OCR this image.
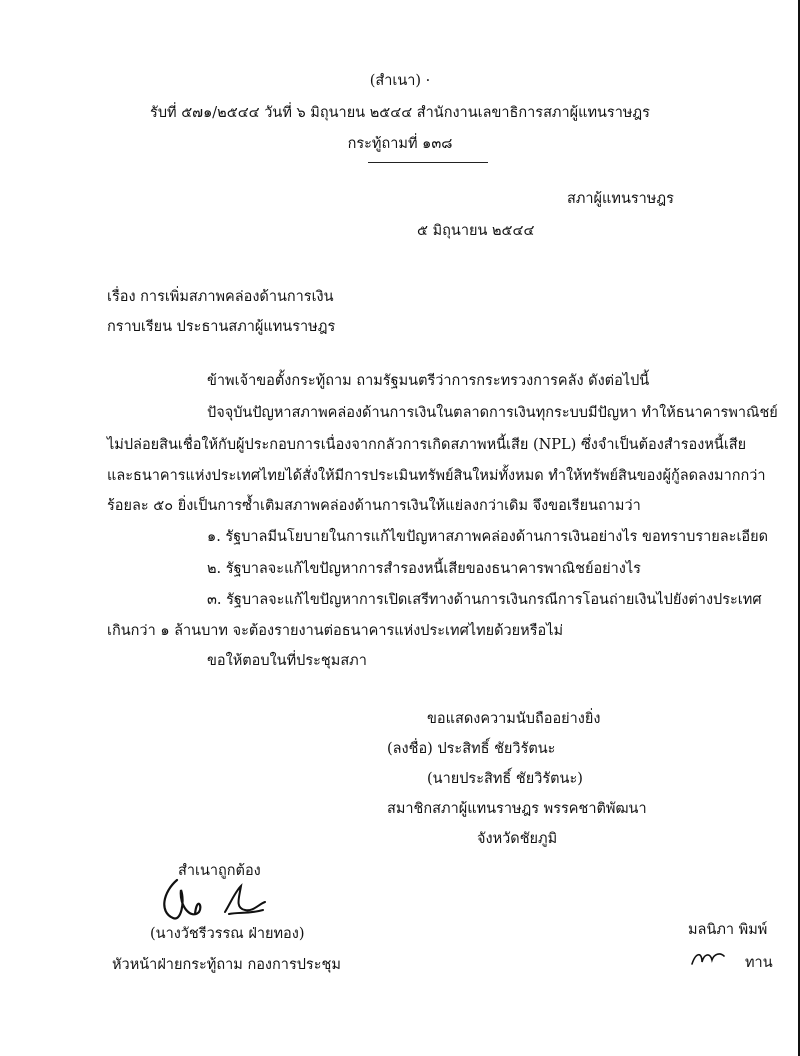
(สำเนา) ·
รับที่ ๕๗๑/๒๕๔๔ วันที่ ๖ มิถุนายน ๒๕๔๔ สำนักงานเลขาธิการสภาผู้แทนราษฎร
กระทู้ถามที่ ๑๓๘
สภาผู้แทนราษฎร
๕ มิถุนายน ๒๕๔๔
เรื่อง การเพิ่มสภาพคล่องด้านการเงิน
กราบเรียน ประธานสภาผู้แทนราษฎร
ข้าพเจ้าขอตั้งกระทู้ถาม ถามรัฐมนตรีว่าการกระทรวงการคลัง ดังต่อไปนี้
ปัจจุบันปัญหาสภาพคล่องด้านการเงินในตลาดการเงินทุกระบบมีปัญหา ทำให้ธนาคารพาณิชย์
ไม่ปล่อยสินเชื่อให้กับผู้ประกอบการเนื่องจากกลัวการเกิดสภาพหนี้เสีย (NPL) ซึ่งจำเป็นต้องสำรองหนี้เสีย
และธนาคารแห่งประเทศไทยได้สั่งให้มีการประเมินทรัพย์สินใหม่ทั้งหมด ทำให้ทรัพย์สินของผู้กู้ลดลงมากกว่า
ร้อยละ ๕๐ ยิ่งเป็นการซ้ำเติมสภาพคล่องด้านการเงินให้แย่ลงกว่าเดิม จึงขอเรียนถามว่า
๑. รัฐบาลมีนโยบายในการแก้ไขปัญหาสภาพคล่องด้านการเงินอย่างไร ขอทราบรายละเอียด
๒. รัฐบาลจะแก้ไขปัญหาการสำรองหนี้เสียของธนาคารพาณิชย์อย่างไร
๓. รัฐบาลจะแก้ไขปัญหาการเปิดเสรีทางด้านการเงินกรณีการโอนถ่ายเงินไปยังต่างประเทศ
เกินกว่า ๑ ล้านบาท จะต้องรายงานต่อธนาคารแห่งประเทศไทยด้วยหรือไม่
ขอให้ตอบในที่ประชุมสภา
ขอแสดงความนับถืออย่างยิ่ง
(ลงชื่อ) ประสิทธิ์ ชัยวิรัตนะ
(นายประสิทธิ์ ชัยวิรัตนะ)
สมาชิกสภาผู้แทนราษฎร พรรคชาติพัฒนา
จังหวัดชัยภูมิ
สำเนาถูกต้อง
(นางวัชรีวรรณ ฝ่ายทอง)
หัวหน้าฝ่ายกระทู้ถาม กองการประชุม
มลนิภา พิมพ์
ทาน
